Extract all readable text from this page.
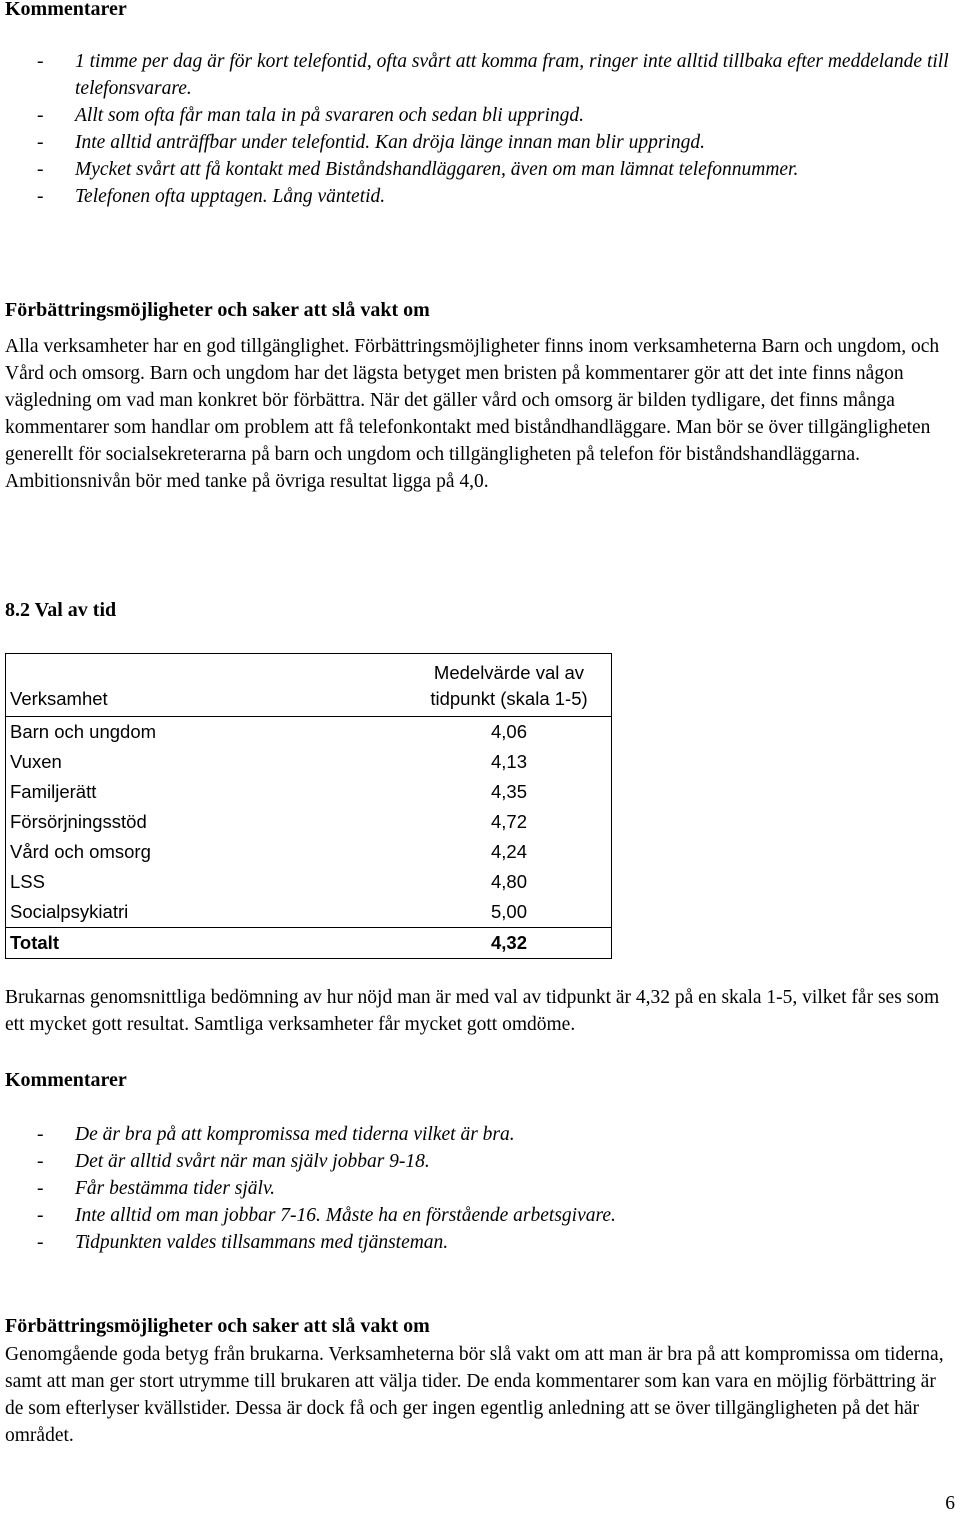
Kommentarer
- 1 timme per dag är för kort telefontid, ofta svårt att komma fram, ringer inte alltid tillbaka efter meddelande till telefonsvarare.
- Allt som ofta får man tala in på svararen och sedan bli uppringd.
- Inte alltid anträffbar under telefontid. Kan dröja länge innan man blir uppringd.
- Mycket svårt att få kontakt med Biståndshandläggaren, även om man lämnat telefonnummer.
- Telefonen ofta upptagen. Lång väntetid.
Förbättringsmöjligheter och saker att slå vakt om

Alla verksamheter har en god tillgänglighet. Förbättringsmöjligheter finns inom verksamheterna Barn och ungdom, och Vård och omsorg. Barn och ungdom har det lägsta betyget men bristen på kommentarer gör att det inte finns någon vägledning om vad man konkret bör förbättra. När det gäller vård och omsorg är bilden tydligare, det finns många kommentarer som handlar om problem att få telefonkontakt med biståndhandläggare. Man bör se över tillgängligheten generellt för socialsekreterarna på barn och ungdom och tillgängligheten på telefon för biståndshandläggarna. Ambitionsnivån bör med tanke på övriga resultat ligga på 4,0.

8.2 Val av tid
Verksamhet	Medelvärde val av
tidpunkt (skala 1-5)
Barn och ungdom	4,06
Vuxen	4,13
Familjerätt	4,35
Försörjningsstöd	4,72
Vård och omsorg	4,24
LSS	4,80
Socialpsykiatri	5,00
Totalt	4,32

Brukarnas genomsnittliga bedömning av hur nöjd man är med val av tidpunkt är 4,32 på en skala 1-5, vilket får ses som ett mycket gott resultat. Samtliga verksamheter får mycket gott omdöme.

Kommentarer
- De är bra på att kompromissa med tiderna vilket är bra.
- Det är alltid svårt när man själv jobbar 9-18.
- Får bestämma tider själv.
- Inte alltid om man jobbar 7-16. Måste ha en förstående arbetsgivare.
- Tidpunkten valdes tillsammans med tjänsteman.
Förbättringsmöjligheter och saker att slå vakt om

Genomgående goda betyg från brukarna. Verksamheterna bör slå vakt om att man är bra på att kompromissa om tiderna, samt att man ger stort utrymme till brukaren att välja tider. De enda kommentarer som kan vara en möjlig förbättring är de som efterlyser kvällstider. Dessa är dock få och ger ingen egentlig anledning att se över tillgängligheten på det här området.

6
